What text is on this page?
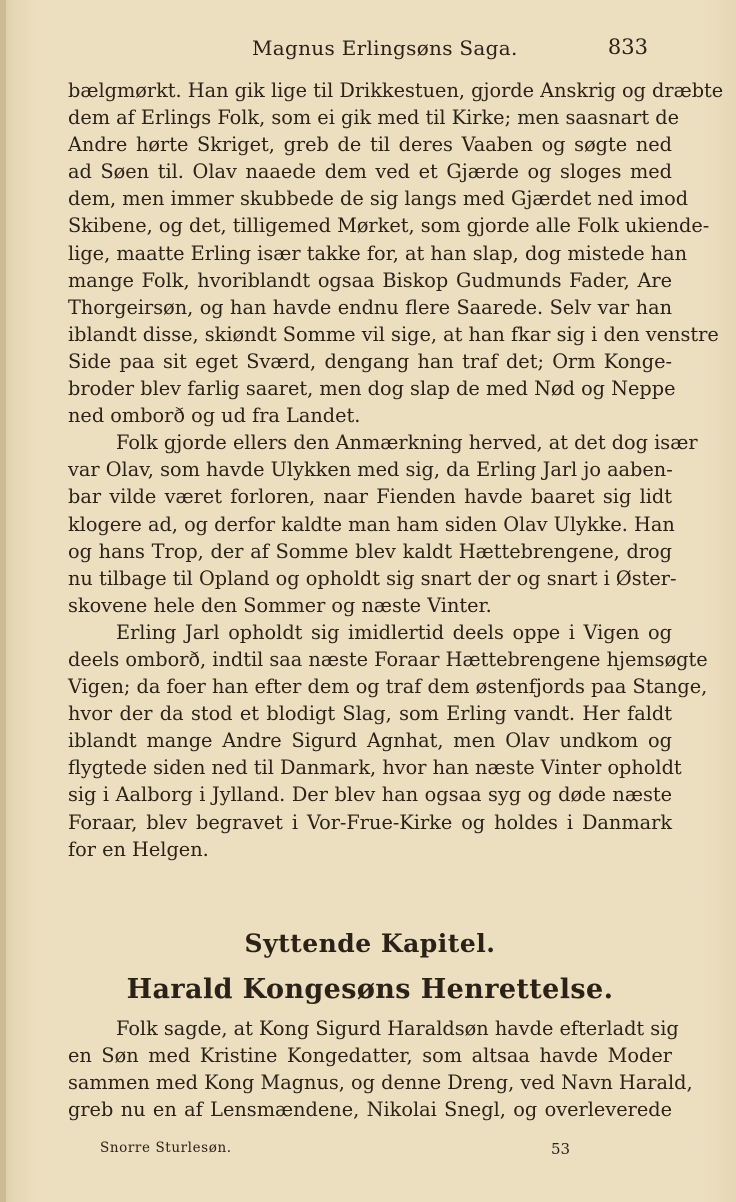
Magnus Erlingsøns Saga.	833
bælgmørkt. Han gik lige til Drikkestuen, gjorde Anskrig og dræbte
dem af Erlings Folk, som ei gik med til Kirke; men saasnart de
Andre hørte Skriget, greb de til deres Vaaben og søgte ned
ad Søen til. Olav naaede dem ved et Gjærde og sloges med
dem, men immer skubbede de sig langs med Gjærdet ned imod
Skibene, og det, tilligemed Mørket, som gjorde alle Folk ukiende-
lige, maatte Erling især takke for, at han slap, dog mistede han
mange Folk, hvoriblandt ogsaa Biskop Gudmunds Fader, Are
Thorgeirsøn, og han havde endnu flere Saarede. Selv var han
iblandt disse, skiøndt Somme vil sige, at han fkar sig i den venstre
Side paa sit eget Sværd, dengang han traf det; Orm Konge-
broder blev farlig saaret, men dog slap de med Nød og Neppe
ned omborð og ud fra Landet.
Folk gjorde ellers den Anmærkning herved, at det dog især
var Olav, som havde Ulykken med sig, da Erling Jarl jo aaben-
bar vilde været forloren, naar Fienden havde baaret sig lidt
klogere ad, og derfor kaldte man ham siden Olav Ulykke. Han
og hans Trop, der af Somme blev kaldt Hættebrengene, drog
nu tilbage til Opland og opholdt sig snart der og snart i Øster-
skovene hele den Sommer og næste Vinter.
Erling Jarl opholdt sig imidlertid deels oppe i Vigen og
deels omborð, indtil saa næste Foraar Hættebrengene hjemsøgte
Vigen; da foer han efter dem og traf dem østenfjords paa Stange,
hvor der da stod et blodigt Slag, som Erling vandt. Her faldt
iblandt mange Andre Sigurd Agnhat, men Olav undkom og
flygtede siden ned til Danmark, hvor han næste Vinter opholdt
sig i Aalborg i Jylland. Der blev han ogsaa syg og døde næste
Foraar, blev begravet i Vor-Frue-Kirke og holdes i Danmark
for en Helgen.
Syttende Kapitel.
Harald Kongesøns Henrettelse.
Folk sagde, at Kong Sigurd Haraldsøn havde efterladt sig
en Søn med Kristine Kongedatter, som altsaa havde Moder
sammen med Kong Magnus, og denne Dreng, ved Navn Harald,
greb nu en af Lensmændene, Nikolai Snegl, og overleverede
Snorre Sturlesøn.	53
